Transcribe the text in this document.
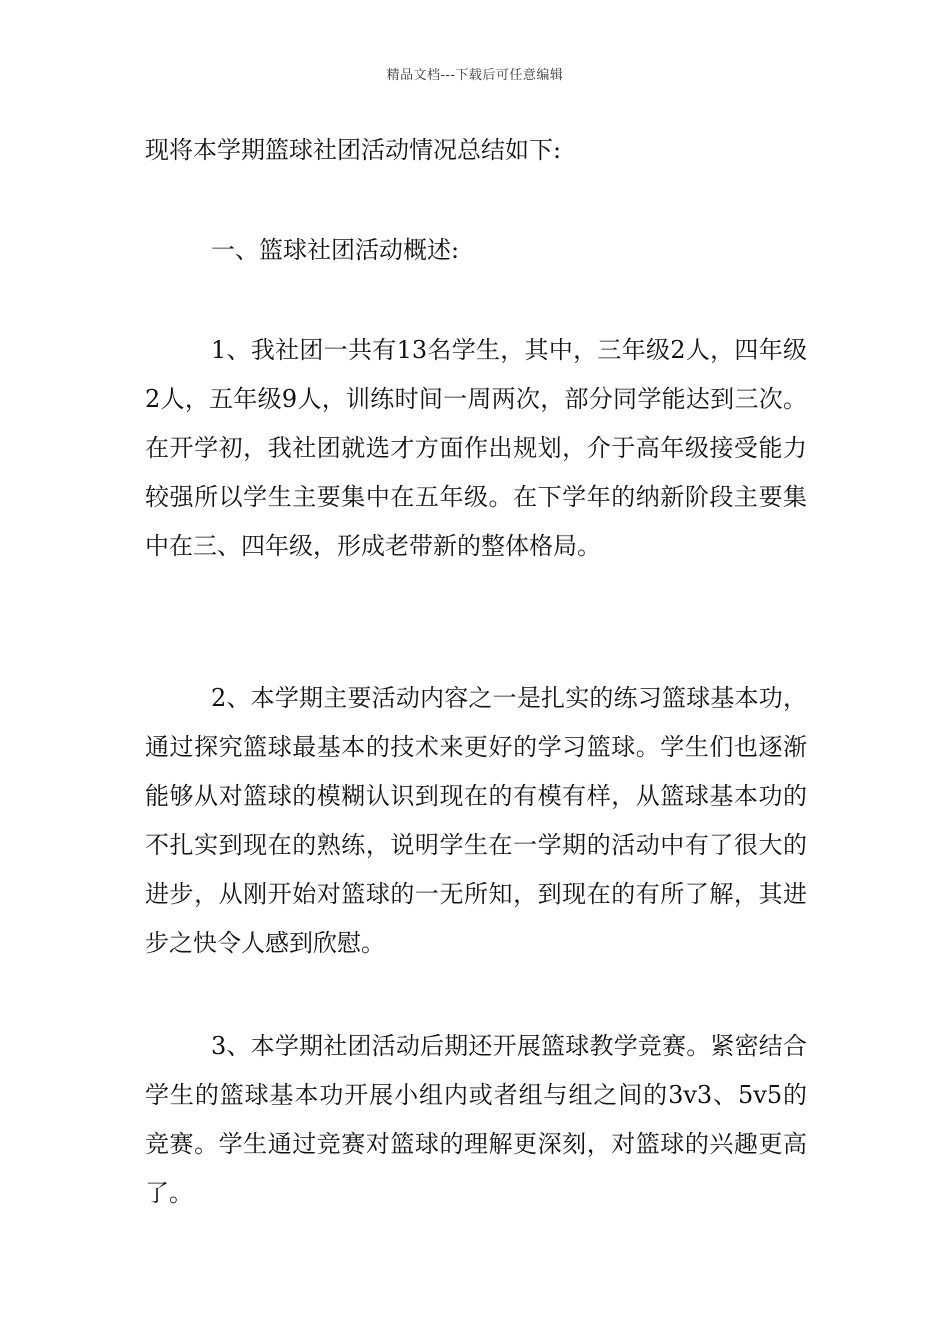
精品文档---下载后可任意编辑
现将本学期篮球社团活动情况总结如下:
一、篮球社团活动概述:
1、我社团一共有13名学生，其中，三年级2人，四年级2人，五年级9人，训练时间一周两次，部分同学能达到三次。在开学初，我社团就选才方面作出规划，介于高年级接受能力较强所以学生主要集中在五年级。在下学年的纳新阶段主要集中在三、四年级，形成老带新的整体格局。
2、本学期主要活动内容之一是扎实的练习篮球基本功，通过探究篮球最基本的技术来更好的学习篮球。学生们也逐渐能够从对篮球的模糊认识到现在的有模有样，从篮球基本功的不扎实到现在的熟练，说明学生在一学期的活动中有了很大的进步，从刚开始对篮球的一无所知，到现在的有所了解，其进步之快令人感到欣慰。
3、本学期社团活动后期还开展篮球教学竞赛。紧密结合学生的篮球基本功开展小组内或者组与组之间的3v3、5v5的竞赛。学生通过竞赛对篮球的理解更深刻，对篮球的兴趣更高了。
